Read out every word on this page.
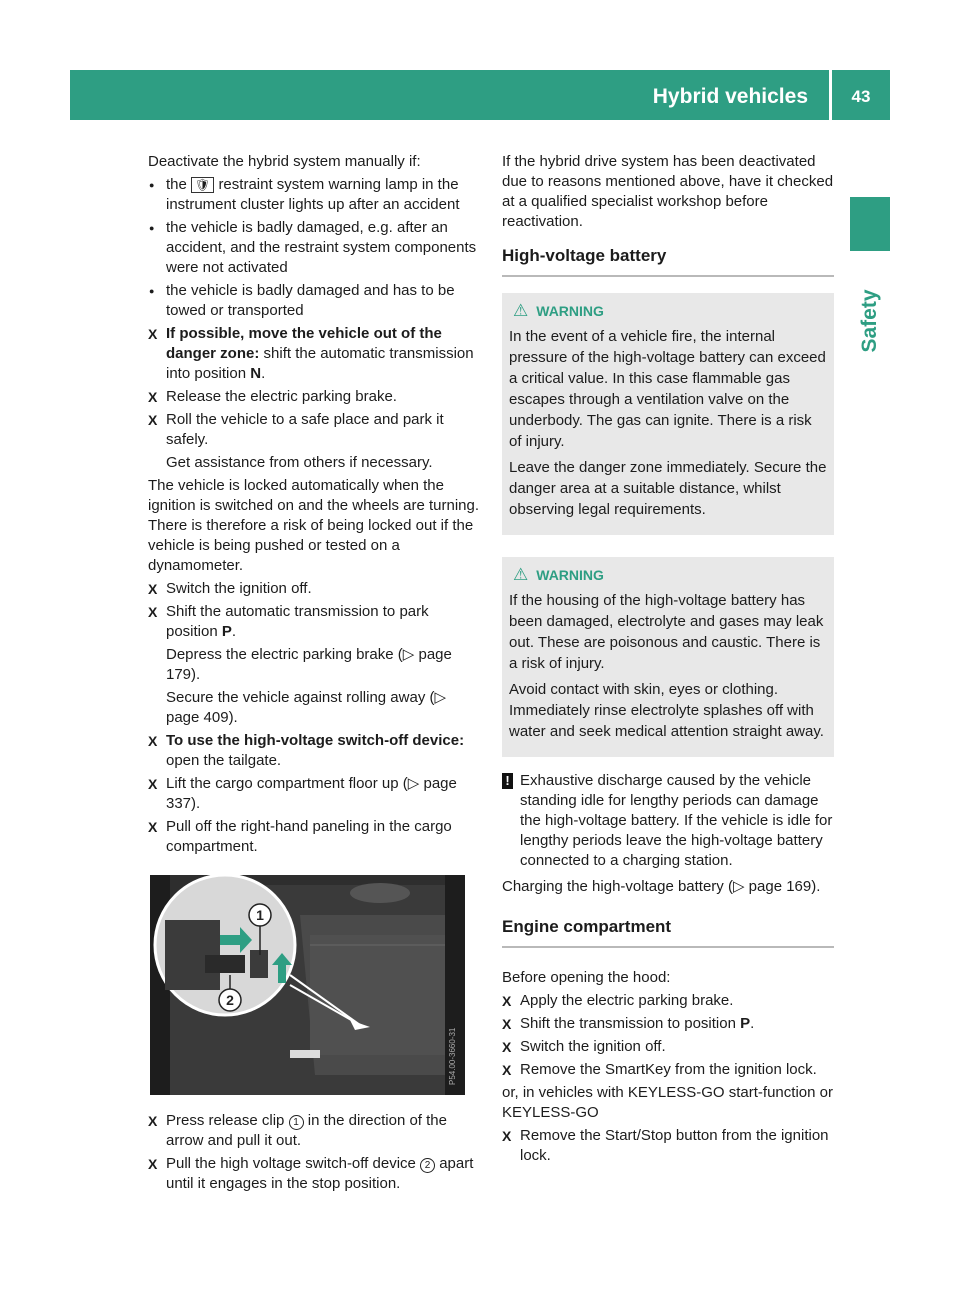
Hybrid vehicles	43
Safety

Deactivate the hybrid system manually if:

● the 🛡 restraint system warning lamp in the instrument cluster lights up after an accident
● the vehicle is badly damaged, e.g. after an accident, and the restraint system components were not activated
● the vehicle is badly damaged and has to be towed or transported
X If possible, move the vehicle out of the danger zone: shift the automatic transmission into position N.
X Release the electric parking brake.
X Roll the vehicle to a safe place and park it safely.
Get assistance from others if necessary.

The vehicle is locked automatically when the ignition is switched on and the wheels are turning. There is therefore a risk of being locked out if the vehicle is being pushed or tested on a dynamometer.

X Switch the ignition off.
X Shift the automatic transmission to park position P.
Depress the electric parking brake (▷ page 179).
Secure the vehicle against rolling away (▷ page 409).
X To use the high-voltage switch-off device: open the tailgate.
X Lift the cargo compartment floor up (▷ page 337).
X Pull off the right-hand paneling in the cargo compartment.
1
2
P54.00-3660-31
X Press release clip 1 in the direction of the arrow and pull it out.
X Pull the high voltage switch-off device 2 apart until it engages in the stop position.

If the hybrid drive system has been deactivated due to reasons mentioned above, have it checked at a qualified specialist workshop before reactivation.

High-voltage battery
⚠ WARNING

In the event of a vehicle fire, the internal pressure of the high-voltage battery can exceed a critical value. In this case flammable gas escapes through a ventilation valve on the underbody. The gas can ignite. There is a risk of injury.

Leave the danger zone immediately. Secure the danger area at a suitable distance, whilst observing legal requirements.

⚠ WARNING

If the housing of the high-voltage battery has been damaged, electrolyte and gases may leak out. These are poisonous and caustic. There is a risk of injury.

Avoid contact with skin, eyes or clothing. Immediately rinse electrolyte splashes off with water and seek medical attention straight away.

! Exhaustive discharge caused by the vehicle standing idle for lengthy periods can damage the high-voltage battery. If the vehicle is idle for lengthy periods leave the high-voltage battery connected to a charging station.

Charging the high-voltage battery (▷ page 169).

Engine compartment

Before opening the hood:

X Apply the electric parking brake.
X Shift the transmission to position P.
X Switch the ignition off.
X Remove the SmartKey from the ignition lock.

or, in vehicles with KEYLESS-GO start-function or KEYLESS-GO

X Remove the Start/Stop button from the ignition lock.
